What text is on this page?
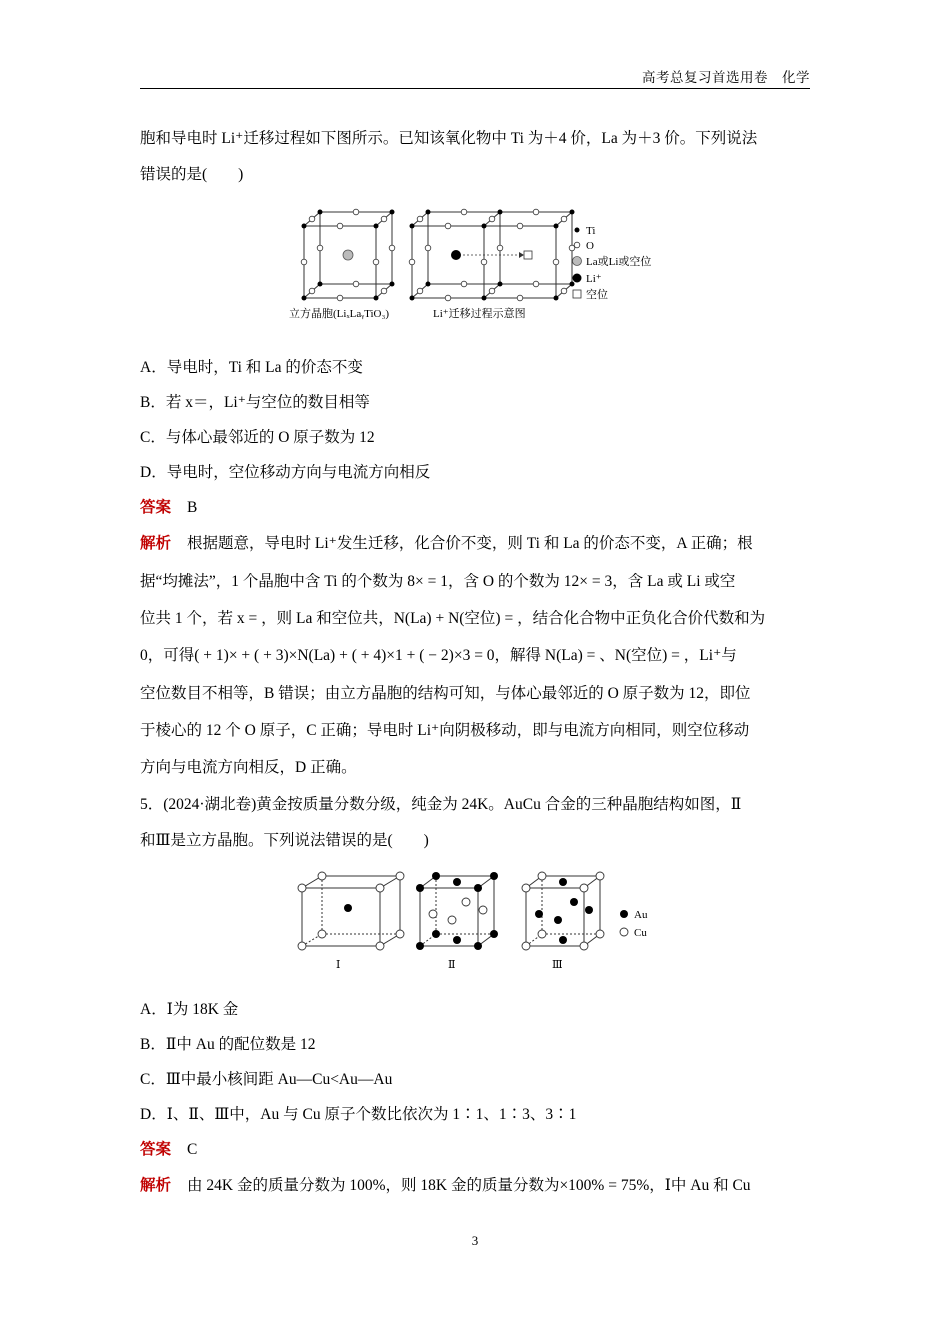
高考总复习首选用卷　化学
胞和导电时 Li⁺迁移过程如下图所示。已知该氧化物中 Ti 为＋4 价，La 为＋3 价。下列说法
错误的是(　　)
Ti
O
La或Li或空位
Li⁺
空位
立方晶胞(LiₓLaᵧTiO₃)	Li⁺迁移过程示意图
A．导电时，Ti 和 La 的价态不变
B．若 x＝，Li⁺与空位的数目相等
C．与体心最邻近的 O 原子数为 12
D．导电时，空位移动方向与电流方向相反
答案 B
解析 根据题意，导电时 Li⁺发生迁移，化合价不变，则 Ti 和 La 的价态不变，A 正确；根
据“均摊法”，1 个晶胞中含 Ti 的个数为 8× = 1，含 O 的个数为 12× = 3，含 La 或 Li 或空
位共 1 个，若 x = ，则 La 和空位共，N(La) + N(空位) = ，结合化合物中正负化合价代数和为
0，可得( + 1)× + ( + 3)×N(La) + ( + 4)×1 + ( − 2)×3 = 0，解得 N(La) = 、N(空位) = ，Li⁺与
空位数目不相等，B 错误；由立方晶胞的结构可知，与体心最邻近的 O 原子数为 12，即位
于棱心的 12 个 O 原子，C 正确；导电时 Li⁺向阴极移动，即与电流方向相同，则空位移动
方向与电流方向相反，D 正确。
5．(2024·湖北卷)黄金按质量分数分级，纯金为 24K。AuCu 合金的三种晶胞结构如图，Ⅱ
和Ⅲ是立方晶胞。下列说法错误的是(　　)
Ⅰ	Ⅱ	Ⅲ
Au
Cu
A．Ⅰ为 18K 金
B．Ⅱ中 Au 的配位数是 12
C．Ⅲ中最小核间距 Au—Cu<Au—Au
D．Ⅰ、Ⅱ、Ⅲ中，Au 与 Cu 原子个数比依次为 1∶1、1∶3、3∶1
答案 C
解析 由 24K 金的质量分数为 100%，则 18K 金的质量分数为×100% = 75%，Ⅰ中 Au 和 Cu
3
